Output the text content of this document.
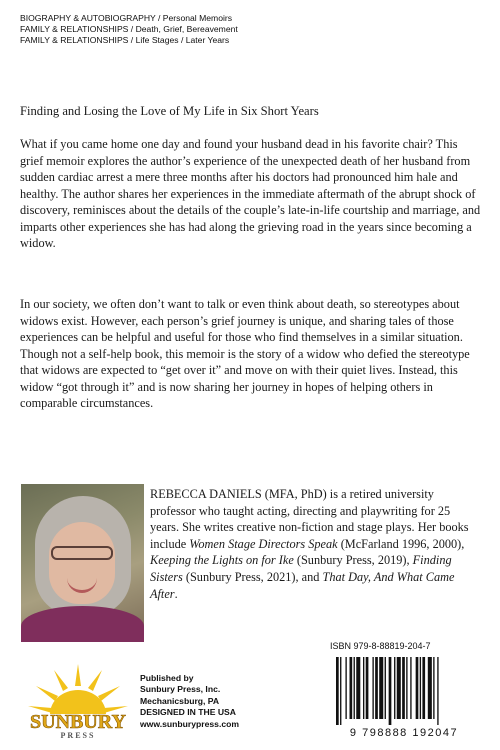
BIOGRAPHY & AUTOBIOGRAPHY / Personal Memoirs
FAMILY & RELATIONSHIPS / Death, Grief, Bereavement
FAMILY & RELATIONSHIPS / Life Stages / Later Years
Finding and Losing the Love of My Life in Six Short Years

What if you came home one day and found your husband dead in his favorite chair? This grief memoir explores the author’s experience of the unexpected death of her husband from sudden cardiac arrest a mere three months after his doctors had pronounced him hale and healthy. The author shares her experiences in the immediate aftermath of the abrupt shock of discovery, reminisces about the details of the couple’s late-in-life courtship and marriage, and imparts other experiences she has had along the grieving road in the years since becoming a widow.

In our society, we often don’t want to talk or even think about death, so stereotypes about widows exist. However, each person’s grief journey is unique, and sharing tales of those experiences can be helpful and useful for those who find themselves in a similar situation. Though not a self-help book, this memoir is the story of a widow who defied the stereotype that widows are expected to “get over it” and move on with their quiet lives. Instead, this widow “got through it” and is now sharing her journey in hopes of helping others in comparable circumstances.

REBECCA DANIELS (MFA, PhD) is a retired university professor who taught acting, directing and playwriting for 25 years. She writes creative non-fiction and stage plays. Her books include Women Stage Directors Speak (McFarland 1996, 2000), Keeping the Lights on for Ike (Sunbury Press, 2019), Finding Sisters (Sunbury Press, 2021), and That Day, And What Came After.

SUNBURY
PRESS
Published by
Sunbury Press, Inc.
Mechanicsburg, PA
DESIGNED IN THE USA
www.sunburypress.com
ISBN 979-8-88819-204-7
9 798888 192047
